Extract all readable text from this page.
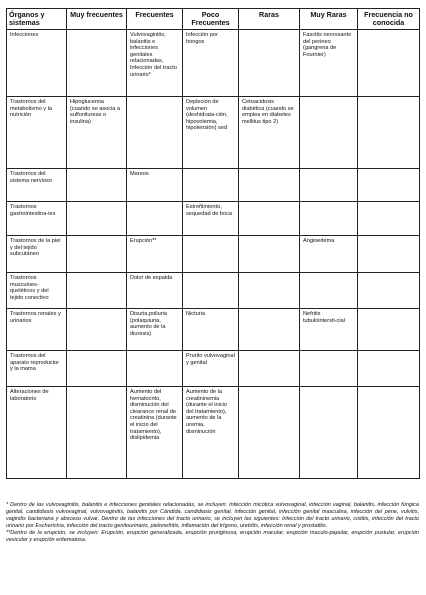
Órganos y sistemas	Muy frecuentes	Frecuentes	Poco Frecuentes	Raras	Muy Raras	Frecuencia no conocida
Infecciones		Vulvovaginitis, balanitis e infecciones genitales relacionadas, Infección del tracto urinario*	Infección por hongos		Fascitis necrosante del perineo (gangrena de Fournier)	
Trastornos del metabolismo y la nutrición	Hipoglucemia (cuando se asocia a sulfonilureas o insulina)		Depleción de volumen (deshidrata-ción, hipovolemia, hipotensión) sed	Cetoacidosis diabética (cuando se emplea en diabetes mellitus tipo 2)		
Trastornos del sistema nervioso		Mareos				
Trastornos gastrointestina-les			Estreñimiento, sequedad de boca			
Trastornos de la piel y del tejido subcutáneo		Erupción**			Angioedema	
Trastornos musculoes-queléticos y del tejido conectivo		Dolor de espalda				
Trastornos renales y urinarios		Disuria,poliuria (polaquiuria, aumento de la diuresis)	Nicturia		Nefritis tubulointersti-cial	
Trastornos del aparato reproductor y la mama			Prurito vulvovaginal y genital			
Alteraciones de laboratorio		Aumento del hematocrito, disminución del clearance renal de creatinina (durante el inicio del tratamiento), dislipidemia	Aumento de la creatininemia (durante el inicio del tratamiento), aumento de la uremia, disminución			

* Dentro de las vulvovaginitis, balanitis e infecciones genitales relacionadas, se incluyen: Infección micótica vulvovaginal, infección vaginal, balanitis, infección fúngica genital, candidiasis vulvovaginal, vulvovaginitis, balanitis por Cándida, candidiasis genital, infección genital, infección genital masculina, infección del pene, vulvitis, vaginitis bacteriana y absceso vulvar. Dentro de las infecciones del tracto urinario, se incluyen las siguientes: Infección del tracto urinario, cistitis, infección del tracto urinario por Escherichia, infección del tracto genitourinario, pielonefritis, inflamación del trígono, uretritis, infección renal y prostatitis.

**Dentro de la erupción, se incluyen: Erupción, erupción generalizada, erupción pruriginosa, erupción macular, erupción maculo-papular, erupción pustular, erupción vesicular y erupción eritematosa.
